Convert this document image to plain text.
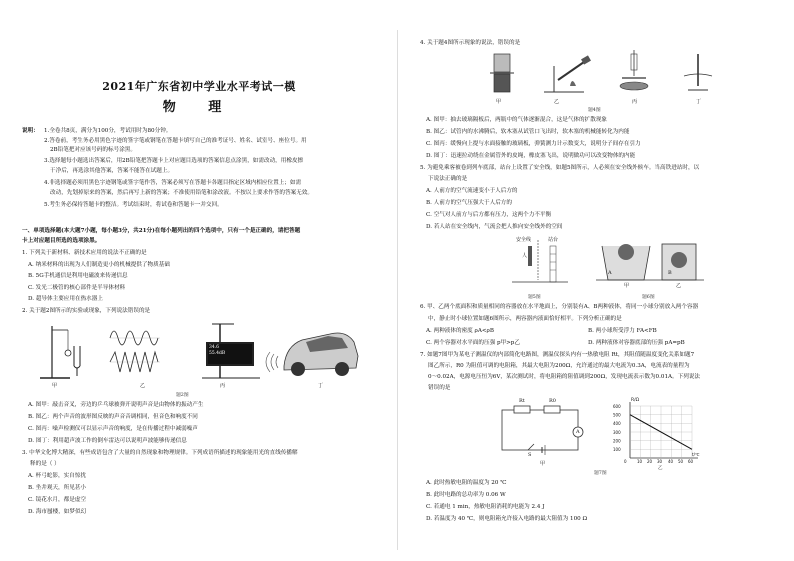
2021年广东省初中学业水平考试一模
物 理
说明： 1.全卷共8页，满分为100分，考试用时为80分钟。
2.答卷前，考生务必用黑色字迹的签字笔或钢笔在答题卡填写自己的准考证号、姓名、试室号、座位号。用
2B铅笔把对应该号码的标号涂黑。
3.选择题每小题选出答案后，用2B铅笔把答题卡上对应题目选项的答案信息点涂黑，如需改动，用橡皮擦
干净后，再选涂其他答案，答案不能答在试题上。
4.非选择题必须用黑色字迹钢笔或签字笔作答，答案必须写在答题卡各题目指定区域内相应位置上；如需
改动，先划掉原来的答案，然后再写上新的答案；不准使用铅笔和涂改液。不按以上要求作答的答案无效。
5.考生务必保持答题卡的整洁。考试结束时，将试卷和答题卡一并交回。
一、单项选择题(本大题7小题，每小题3分，共21分)在每小题列出的四个选项中，只有一个是正确的，请把答题
卡上对应题目所选的选项涂黑。
1. 下列关于新材料、新技术应用的说法不正确的是
A. 纳米材料的出现为人们制造更小的机械提供了物质基础
B. 5G手机通信是利用电磁波来传递信息
C. 发光二极管的核心部件是半导体材料
D. 超导体主要应用在热水器上
2. 关于题2图所示的实验或现象，下列说法错误的是
甲	乙	丙	丁
34.6
55.4dB
题2图
A. 图甲：敲击音叉，旁边的乒乓球被弹开说明声音是由物体的振动产生
B. 图乙：两个声音的波形图反映的声音音调相同，但音色和响度不同
C. 图丙：噪声检测仪可以显示声音的响度，是在传播过程中减弱噪声
D. 图丁：利用超声波工作的倒车雷达可以说明声波能够传递信息
3. 中华文化博大精深，有些成语包含了大量的自然现象和物理规律。下列成语所描述的现象能用光的直线传播解
释的是（ ）
A. 杯弓蛇影，实自惊扰
B. 坐井观天，所见甚小
C. 镜花水月，都是虚空
D. 海市蜃楼，如梦似幻
4. 关于题4图所示现象的说法，错误的是
甲	乙	丙	丁
题4图
A. 图甲：抽去玻璃隔板后，两瓶中的气体逐渐混合，这是气体的扩散现象
B. 图乙：试管内的水沸腾后，软木塞从试管口飞出时，软木塞的机械能转化为内能
C. 图丙：缓慢向上提与水面接触的玻璃板，弹簧测力计示数变大，说明分子间存在引力
D. 图丁：迅速拉动绕在金属管外的皮绳，橡皮塞飞出，说明做功可以改变物体的内能
5. 为避免乘客被卷到列车底部，站台上设置了安全线，如题5图所示，人必须在安全线外候车。当高铁进站时，以
下说法正确的是
A. 人前方的空气流速变小于人后方的
B. 人前方的空气压强大于人后方的
C. 空气对人前方与后方都有压力，这两个力不平衡
D. 若人站在安全线内，气流会把人推向安全线外的空间
安全线	站台
人
A	B
甲	乙
题5图	题6图
6. 甲、乙两个底面积和质量相同的容器放在水平地面上，分别装有A、B两种液体，将同一小球分别放入两个容器
中，静止时小球位置如题6图所示，两容器内液面恰好相平。下列分析正确的是
A. 两种液体的密度 ρA<ρB	B. 两小球所受浮力 FA<FB
C. 两个容器对水平面的压强 p甲>p乙	D. 两种液体对容器底部的压强 pA=pB
7. 如题7图甲为某电子测温仪的内部简化电路图，测温仪探头内有一热敏电阻 Rt，其阻值随温度变化关系如题7
图乙所示，R0 为阻值可调的电阻箱，其最大电阻为200Ω，允许通过的最大电流为0.3A，电流表的量程为
0～0.02A，电源电压恒为6V，某次测试时，将电阻箱的阻值调到200Ω，发现电流表示数为0.01A。下列说法
错误的是
Rt	R0
A
S
甲
R/Ω
600
500
400
300
200
100
0	10 20 30 40 50 60
t/℃
乙
题7图
A. 此时热敏电阻的温度为 20 ℃
B. 此时电路的总功率为 0.06 W
C. 若通电 1 min，热敏电阻消耗的电能为 2.4 J
D. 若温度为 40 ℃，则电阻箱允许接入电路的最大阻值为 100 Ω
